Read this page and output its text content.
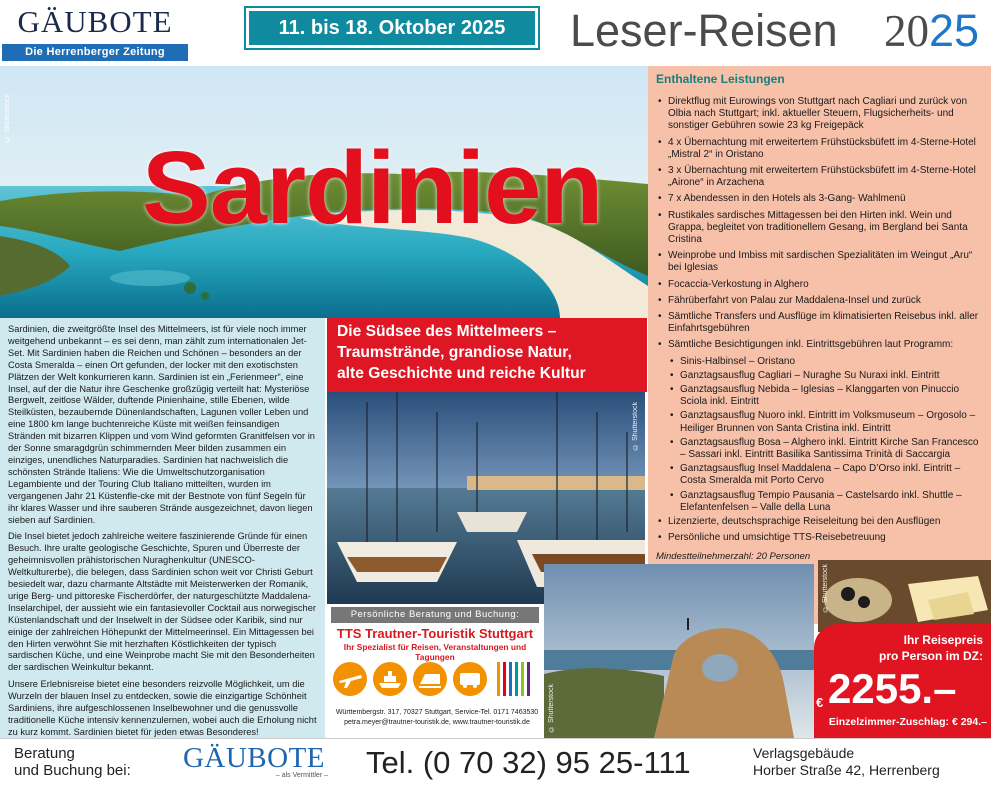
GÄUBOTE
Die Herrenberger Zeitung
11. bis 18. Oktober 2025	Leser-Reisen	2025
Sardinien
© Shutterstock
Enthaltene Leistungen
• Direktflug mit Eurowings von Stuttgart nach Cagliari und zurück von Olbia nach Stuttgart; inkl. aktueller Steuern, Flugsicherheits- und sonstiger Gebühren sowie 23 kg Freigepäck
• 4 x Übernachtung mit erweitertem Frühstücksbüfett im 4-Sterne-Hotel „Mistral 2“ in Oristano
• 3 x Übernachtung mit erweitertem Frühstücksbüfett im 4-Sterne-Hotel „Airone“ in Arzachena
• 7 x Abendessen in den Hotels als 3-Gang- Wahlmenü
• Rustikales sardisches Mittagessen bei den Hirten inkl. Wein und Grappa, begleitet von traditionellem Gesang, im Bergland bei Santa Cristina
• Weinprobe und Imbiss mit sardischen Spezialitäten im Weingut „Aru“ bei Iglesias
• Focaccia-Verkostung in Alghero
• Fährüberfahrt von Palau zur Maddalena-Insel und zurück
• Sämtliche Transfers und Ausflüge im klimatisierten Reisebus inkl. aller Einfahrtsgebühren
• Sämtliche Besichtigungen inkl. Eintrittsgebühren laut Programm:
• Sinis-Halbinsel – Oristano
• Ganztagsausflug Cagliari – Nuraghe Su Nuraxi inkl. Eintritt
• Ganztagsausflug Nebida – Iglesias – Klanggarten von Pinuccio Sciola inkl. Eintritt
• Ganztagsausflug Nuoro inkl. Eintritt im Volksmuseum – Orgosolo – Heiliger Brunnen von Santa Cristina inkl. Eintritt
• Ganztagsausflug Bosa – Alghero inkl. Eintritt Kirche San Francesco – Sassari inkl. Eintritt Basilika Santissima Trinità di Saccargia
• Ganztagsausflug Insel Maddalena – Capo D’Orso inkl. Eintritt – Costa Smeralda mit Porto Cervo
• Ganztagsausflug Tempio Pausania – Castelsardo inkl. Shuttle – Elefantenfelsen – Valle della Luna
• Lizenzierte, deutschsprachige Reiseleitung bei den Ausflügen
• Persönliche und umsichtige TTS-Reisebetreuung
Mindestteilnehmerzahl: 20 Personen

Sardinien, die zweitgrößte Insel des Mittelmeers, ist für viele noch immer weitgehend unbekannt – es sei denn, man zählt zum internationalen Jet-Set. Mit Sardinien haben die Reichen und Schönen – besonders an der Costa Smeralda – einen Ort gefunden, der locker mit den exotischsten Plätzen der Welt konkurrieren kann. Sardinien ist ein „Ferienmeer“, eine Insel, auf der die Natur ihre Geschenke großzügig verteilt hat: Mysteriöse Bergwelt, zeitlose Wälder, duftende Pinienhaine, stille Ebenen, wilde Steilküsten, bezaubernde Dünenlandschaften, Lagunen voller Leben und eine 1800 km lange buchtenreiche Küste mit weißen feinsandigen Stränden mit bizarren Klippen und vom Wind geformten Granitfelsen vor in der Sonne smaragdgrün schimmernden Meer bilden zusammen ein einziges, unendliches Naturparadies. Sardinien hat nachweislich die schönsten Strände Italiens: Wie die Umweltschutzorganisation Legambiente und der Touring Club Italiano mitteilten, wurden im vergangenen Jahr 21 Küstenfle-cke mit der Bestnote von fünf Segeln für ihr klares Wasser und ihre sauberen Strände ausgezeichnet, davon liegen sieben auf Sardinien.

Die Insel bietet jedoch zahlreiche weitere faszinierende Gründe für einen Besuch. Ihre uralte geologische Geschichte, Spuren und Überreste der geheimnisvollen prähistorischen Nuraghenkultur (UNESCO-Weltkulturerbe), die belegen, dass Sardinien schon weit vor Christi Geburt besiedelt war, dazu charmante Altstädte mit Meisterwerken der Romanik, urige Berg- und pittoreske Fischerdörfer, der naturgeschützte Maddalena-Inselarchipel, der aussieht wie ein fantasievoller Cocktail aus norwegischer Küstenlandschaft und der Inselwelt in der Südsee oder Karibik, sind nur einige der zahlreichen Höhepunkt der Mittelmeerinsel. Ein Mittagessen bei den Hirten verwöhnt Sie mit herzhaften Köstlichkeiten der typisch sardischen Küche, und eine Weinprobe macht Sie mit den Besonderheiten der sardischen Weinkultur bekannt.

Unsere Erlebnisreise bietet eine besonders reizvolle Möglichkeit, um die Wurzeln der blauen Insel zu entdecken, sowie die einzigartige Schönheit Sardiniens, ihre aufgeschlossenen Inselbewohner und die genussvolle traditionelle Küche intensiv kennenzulernen, wobei auch die Erholung nicht zu kurz kommt. Sardinien bietet für jeden etwas Besonderes!

Die Südsee des Mittelmeers –
Traumstrände, grandiose Natur,
alte Geschichte und reiche Kultur
© Shutterstock
Persönliche Beratung und Buchung:
TTS Trautner-Touristik Stuttgart
Ihr Spezialist für Reisen, Veranstaltungen und Tagungen
Württembergstr. 317, 70327 Stuttgart, Service-Tel. 0171 7463530
petra.meyer@trautner-touristik.de, www.trautner-touristik.de	© Shutterstock
© Shutterstock
Ihr Reisepreis
pro Person im DZ:
€ 2255.–
Einzelzimmer-Zuschlag: € 294.–
Beratung
und Buchung bei: GÄUBOTE
– als Vermittler – Tel. (0 70 32) 95 25-111	Verlagsgebäude
Horber Straße 42, Herrenberg
